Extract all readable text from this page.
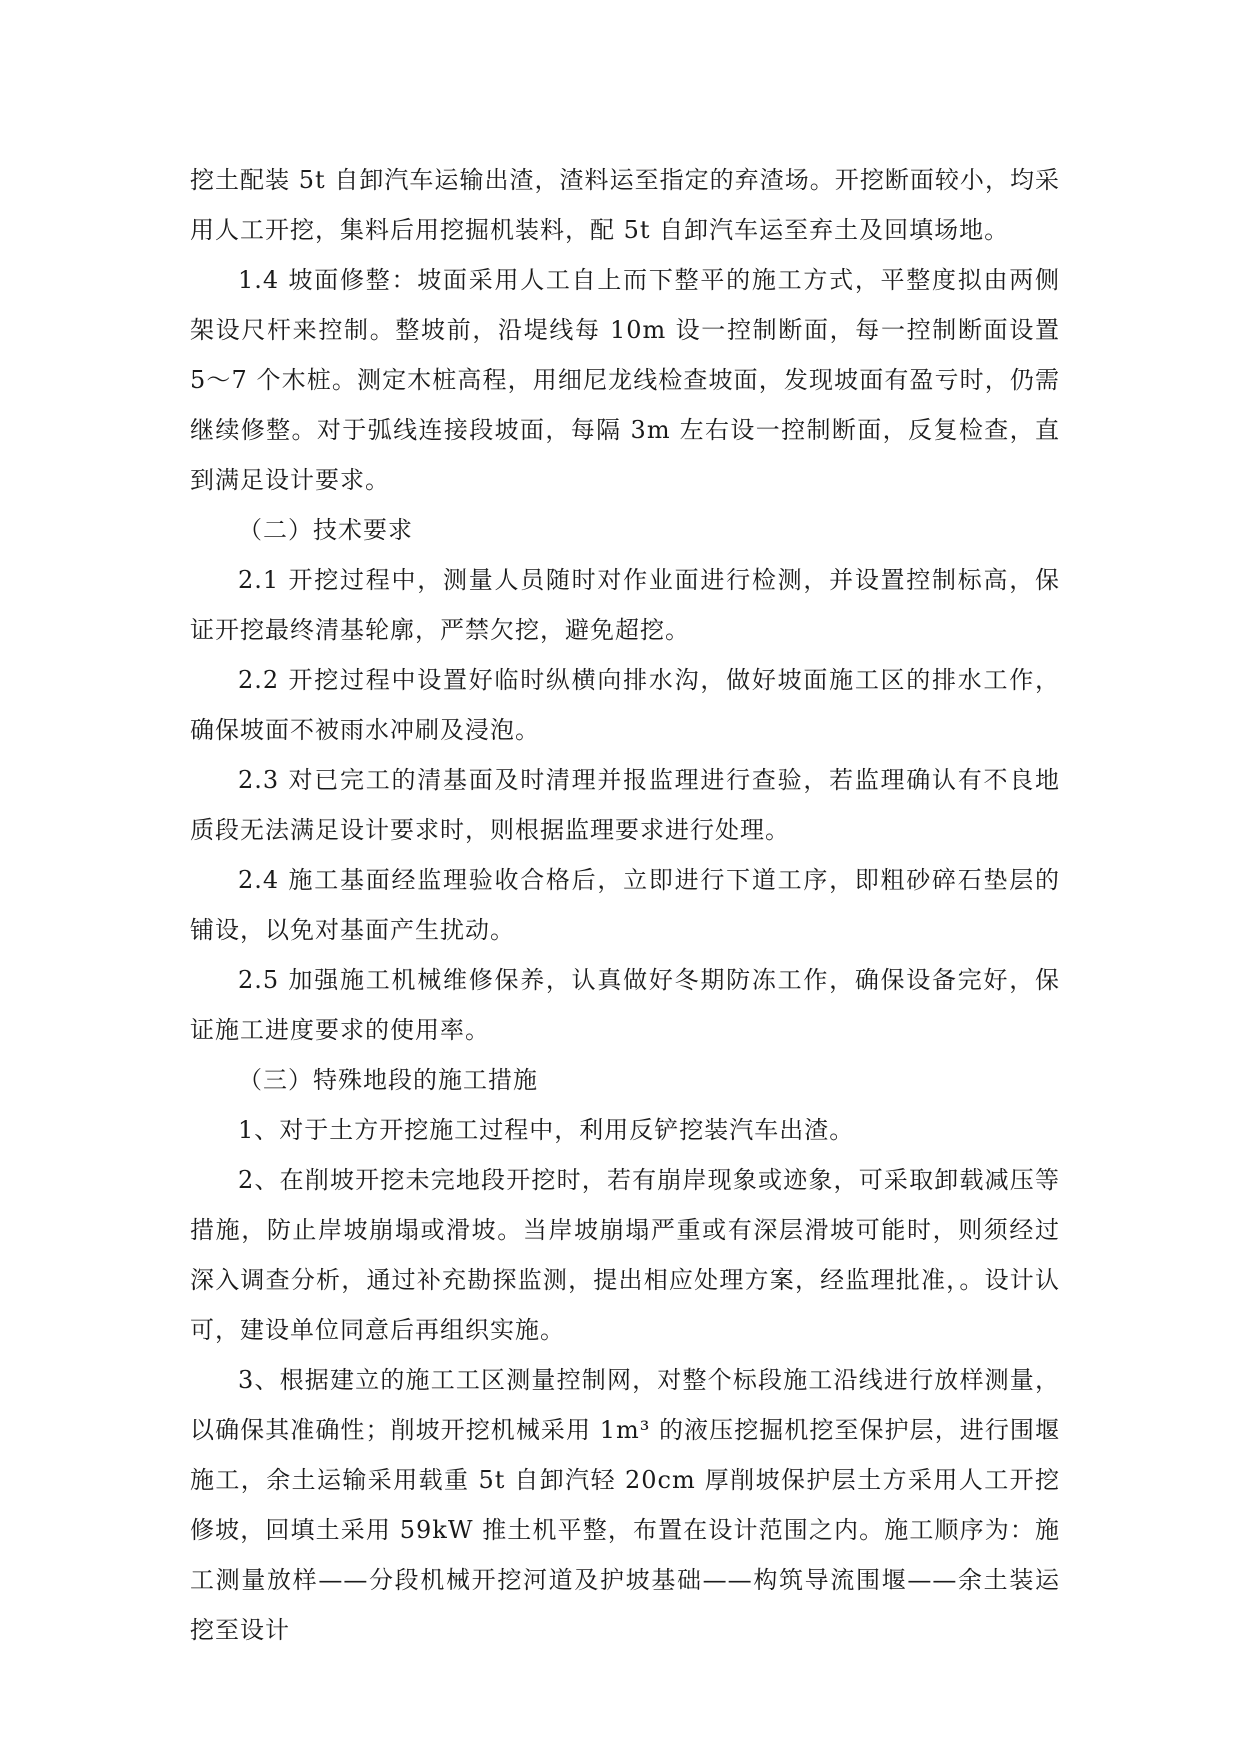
挖土配装 5t 自卸汽车运输出渣，渣料运至指定的弃渣场。开挖断面较小，均采用人工开挖，集料后用挖掘机装料，配 5t 自卸汽车运至弃土及回填场地。

1.4 坡面修整：坡面采用人工自上而下整平的施工方式，平整度拟由两侧架设尺杆来控制。整坡前，沿堤线每 10m 设一控制断面，每一控制断面设置 5～7 个木桩。测定木桩高程，用细尼龙线检查坡面，发现坡面有盈亏时，仍需继续修整。对于弧线连接段坡面，每隔 3m 左右设一控制断面，反复检查，直到满足设计要求。

（二）技术要求

2.1 开挖过程中，测量人员随时对作业面进行检测，并设置控制标高，保证开挖最终清基轮廓，严禁欠挖，避免超挖。

2.2 开挖过程中设置好临时纵横向排水沟，做好坡面施工区的排水工作，确保坡面不被雨水冲刷及浸泡。

2.3 对已完工的清基面及时清理并报监理进行查验，若监理确认有不良地质段无法满足设计要求时，则根据监理要求进行处理。

2.4 施工基面经监理验收合格后，立即进行下道工序，即粗砂碎石垫层的铺设，以免对基面产生扰动。

2.5 加强施工机械维修保养，认真做好冬期防冻工作，确保设备完好，保证施工进度要求的使用率。

（三）特殊地段的施工措施

1、对于土方开挖施工过程中，利用反铲挖装汽车出渣。

2、在削坡开挖未完地段开挖时，若有崩岸现象或迹象，可采取卸载减压等措施，防止岸坡崩塌或滑坡。当岸坡崩塌严重或有深层滑坡可能时，则须经过深入调查分析，通过补充勘探监测，提出相应处理方案，经监理批准，。设计认可，建设单位同意后再组织实施。

3、根据建立的施工工区测量控制网，对整个标段施工沿线进行放样测量，以确保其准确性；削坡开挖机械采用 1m³ 的液压挖掘机挖至保护层，进行围堰施工，余土运输采用载重 5t 自卸汽轻 20cm 厚削坡保护层土方采用人工开挖修坡，回填土采用 59kW 推土机平整，布置在设计范围之内。施工顺序为：施工测量放样——分段机械开挖河道及护坡基础——构筑导流围堰——余土装运挖至设计
